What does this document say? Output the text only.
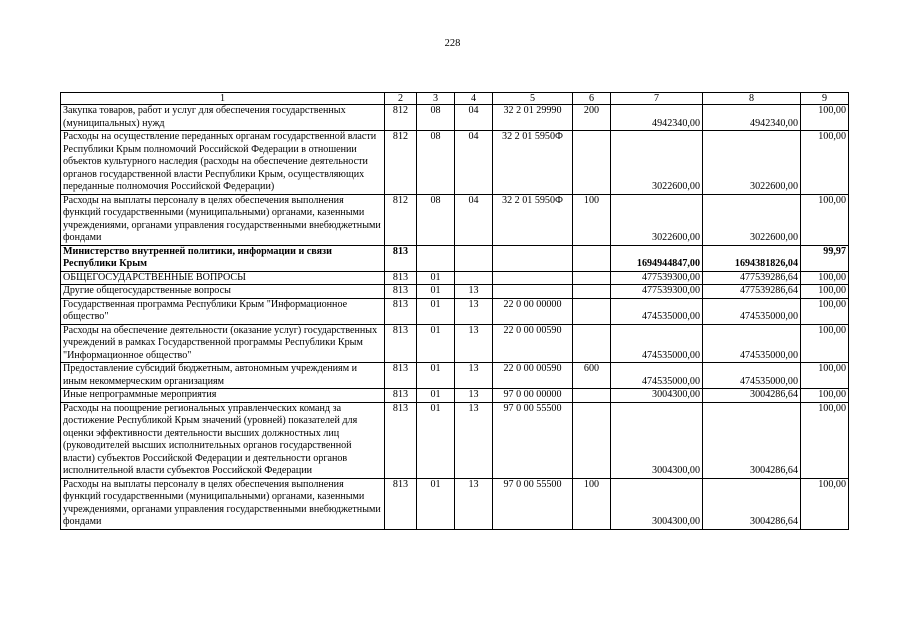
228
1	2	3	4	5	6	7	8	9
Закупка товаров, работ и услуг для обеспечения государственных (муниципальных) нужд	812	08	04	32 2 01 29990	200	4942340,00	4942340,00	100,00
Расходы на осуществление переданных органам государственной власти Республики Крым полномочий Российской Федерации в отношении объектов культурного наследия (расходы на обеспечение деятельности органов государственной власти Республики Крым, осуществляющих переданные полномочия Российской Федерации)	812	08	04	32 2 01 5950Ф		3022600,00	3022600,00	100,00
Расходы на выплаты персоналу в целях обеспечения выполнения функций государственными (муниципальными) органами, казенными учреждениями, органами управления государственными внебюджетными фондами	812	08	04	32 2 01 5950Ф	100	3022600,00	3022600,00	100,00
Министерство внутренней политики, информации и связи Республики Крым	813					1694944847,00	1694381826,04	99,97
ОБЩЕГОСУДАРСТВЕННЫЕ ВОПРОСЫ	813	01				477539300,00	477539286,64	100,00
Другие общегосударственные вопросы	813	01	13			477539300,00	477539286,64	100,00
Государственная программа Республики Крым "Информационное общество"	813	01	13	22 0 00 00000		474535000,00	474535000,00	100,00
Расходы на обеспечение деятельности (оказание услуг) государственных учреждений в рамках Государственной программы Республики Крым "Информационное общество"	813	01	13	22 0 00 00590		474535000,00	474535000,00	100,00
Предоставление субсидий бюджетным, автономным учреждениям и иным некоммерческим организациям	813	01	13	22 0 00 00590	600	474535000,00	474535000,00	100,00
Иные непрограммные мероприятия	813	01	13	97 0 00 00000		3004300,00	3004286,64	100,00
Расходы на поощрение региональных управленческих команд за достижение Республикой Крым значений (уровней) показателей для оценки эффективности деятельности высших должностных лиц (руководителей высших исполнительных органов государственной власти) субъектов Российской Федерации и деятельности органов исполнительной власти субъектов Российской Федерации	813	01	13	97 0 00 55500		3004300,00	3004286,64	100,00
Расходы на выплаты персоналу в целях обеспечения выполнения функций государственными (муниципальными) органами, казенными учреждениями, органами управления государственными внебюджетными фондами	813	01	13	97 0 00 55500	100	3004300,00	3004286,64	100,00
